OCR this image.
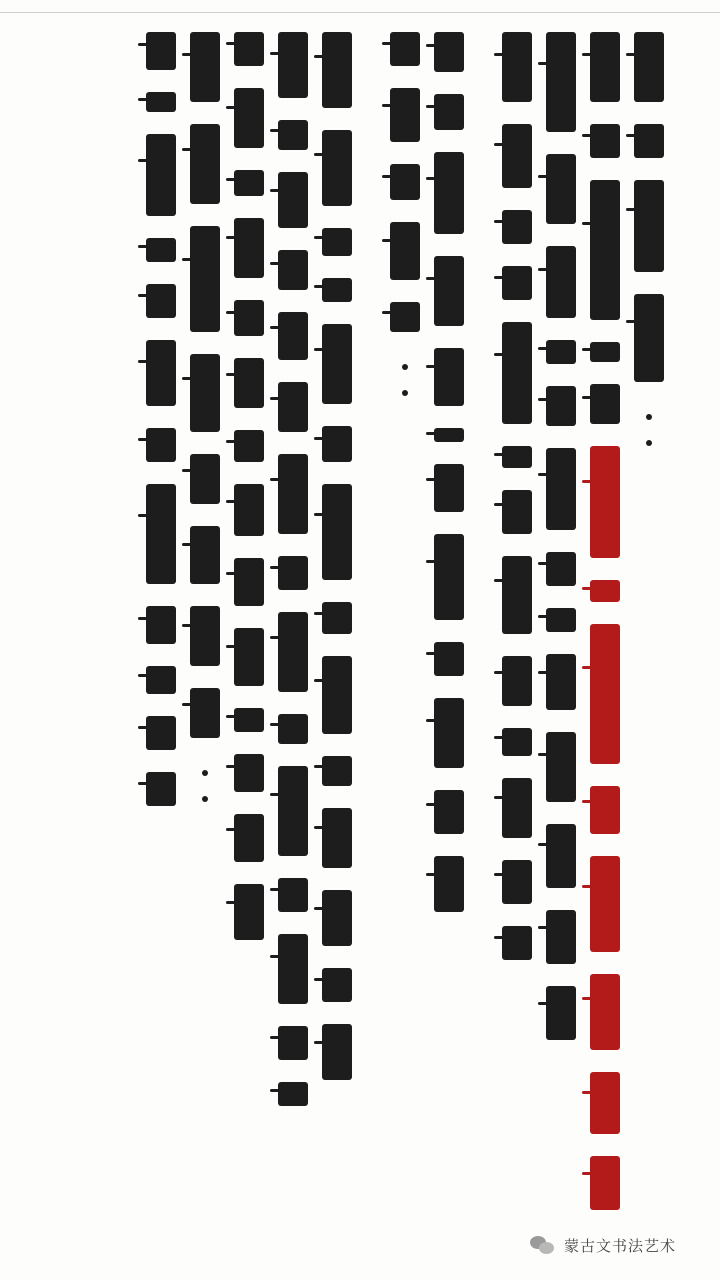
蒙古文书法艺术
